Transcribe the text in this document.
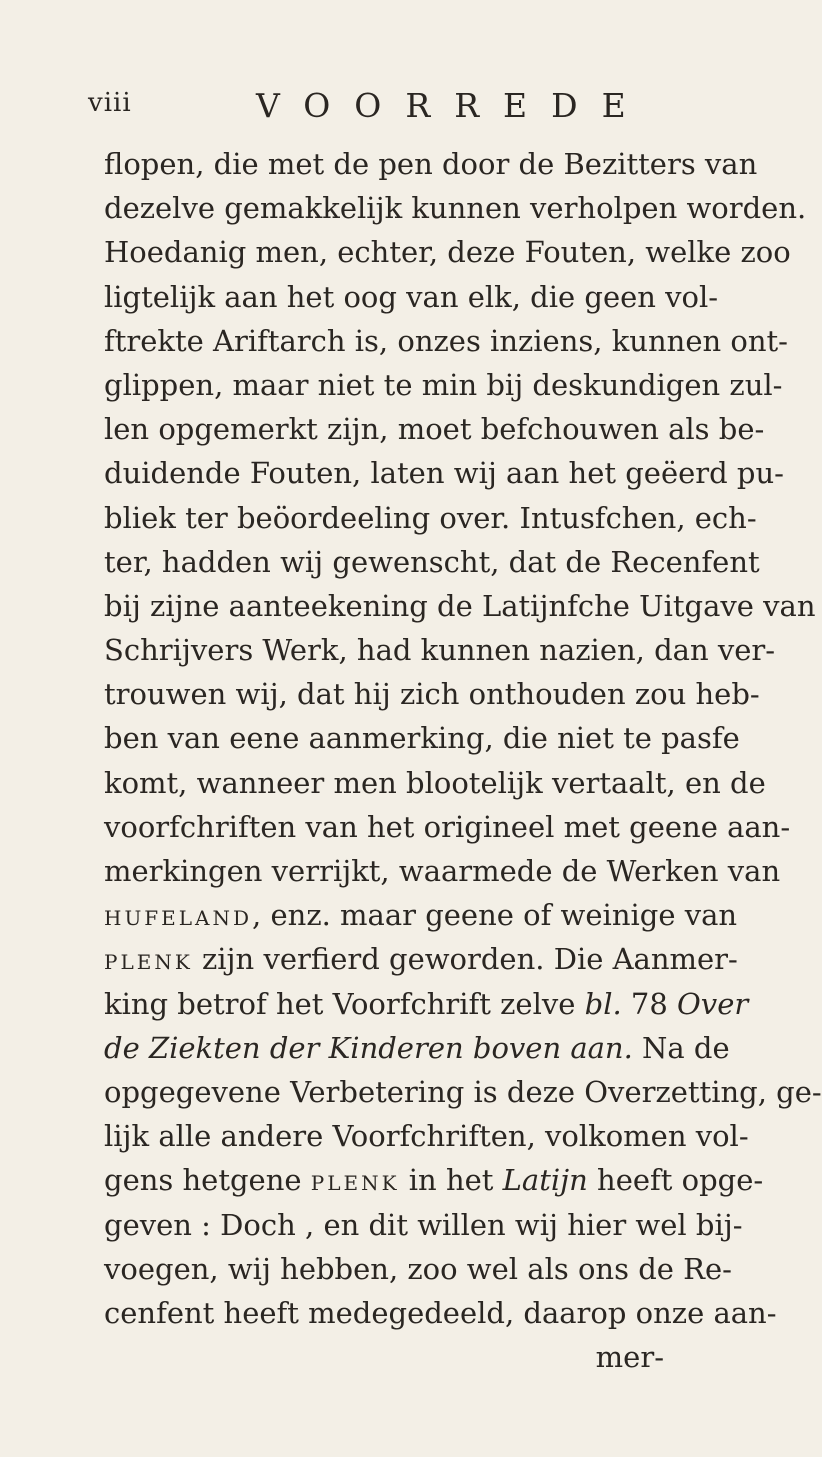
viii	VOORREDE
flopen, die met de pen door de Bezitters van
dezelve gemakkelijk kunnen verholpen worden.
Hoedanig men, echter, deze Fouten, welke zoo
ligtelijk aan het oog van elk, die geen vol-
ftrekte Ariftarch is, onzes inziens, kunnen ont-
glippen, maar niet te min bij deskundigen zul-
len opgemerkt zijn, moet befchouwen als be-
duidende Fouten, laten wij aan het geëerd pu-
bliek ter beöordeeling over. Intusfchen, ech-
ter, hadden wij gewenscht, dat de Recenfent
bij zijne aanteekening de Latijnfche Uitgave van
Schrijvers Werk, had kunnen nazien, dan ver-
trouwen wij, dat hij zich onthouden zou heb-
ben van eene aanmerking, die niet te pasfe
komt, wanneer men blootelijk vertaalt, en de
voorfchriften van het origineel met geene aan-
merkingen verrijkt, waarmede de Werken van
HUFELAND, enz. maar geene of weinige van
PLENK zijn verfierd geworden. Die Aanmer-
king betrof het Voorfchrift zelve bl. 78 Over
de Ziekten der Kinderen boven aan. Na de
opgegevene Verbetering is deze Overzetting, ge-
lijk alle andere Voorfchriften, volkomen vol-
gens hetgene PLENK in het Latijn heeft opge-
geven : Doch , en dit willen wij hier wel bij-
voegen, wij hebben, zoo wel als ons de Re-
cenfent heeft medegedeeld, daarop onze aan-
mer-
